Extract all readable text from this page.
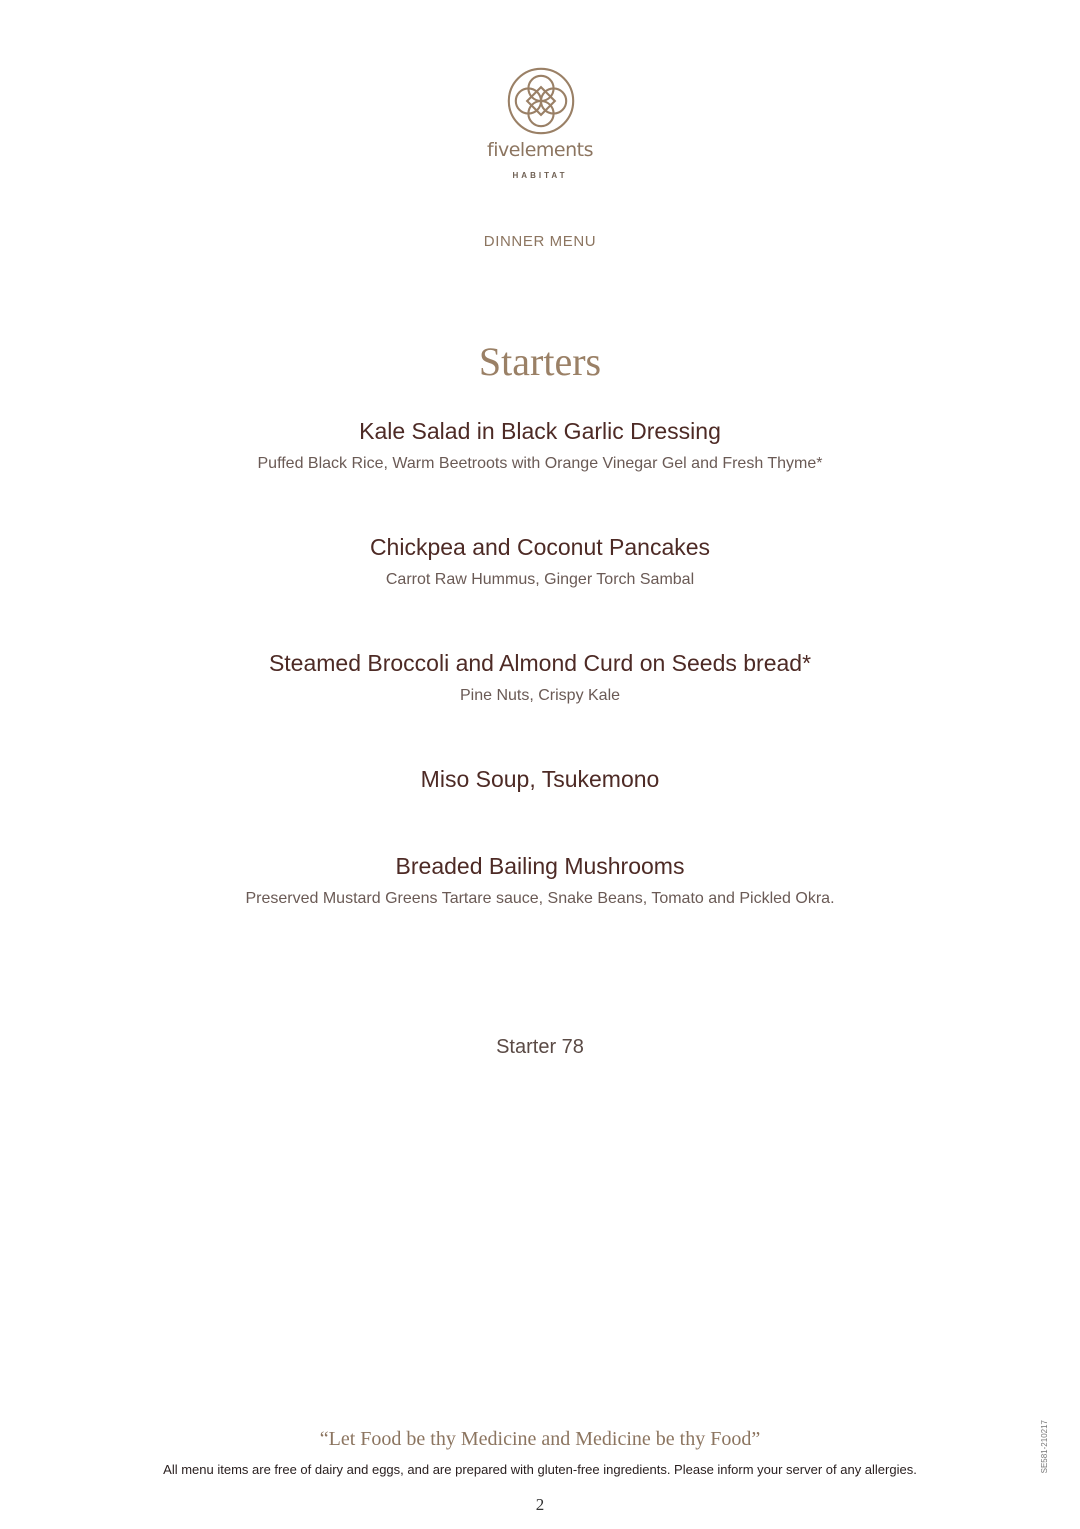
fivelements
HABITAT
DINNER MENU
Starters

Kale Salad in Black Garlic Dressing

Puffed Black Rice, Warm Beetroots with Orange Vinegar Gel and Fresh Thyme*

Chickpea and Coconut Pancakes

Carrot Raw Hummus, Ginger Torch Sambal

Steamed Broccoli and Almond Curd on Seeds bread*

Pine Nuts, Crispy Kale

Miso Soup, Tsukemono

Breaded Bailing Mushrooms

Preserved Mustard Greens Tartare sauce, Snake Beans, Tomato and Pickled Okra.

Starter 78
“Let Food be thy Medicine and Medicine be thy Food”
All menu items are free of dairy and eggs, and are prepared with gluten-free ingredients. Please inform your server of any allergies.
2
SE581-210217
